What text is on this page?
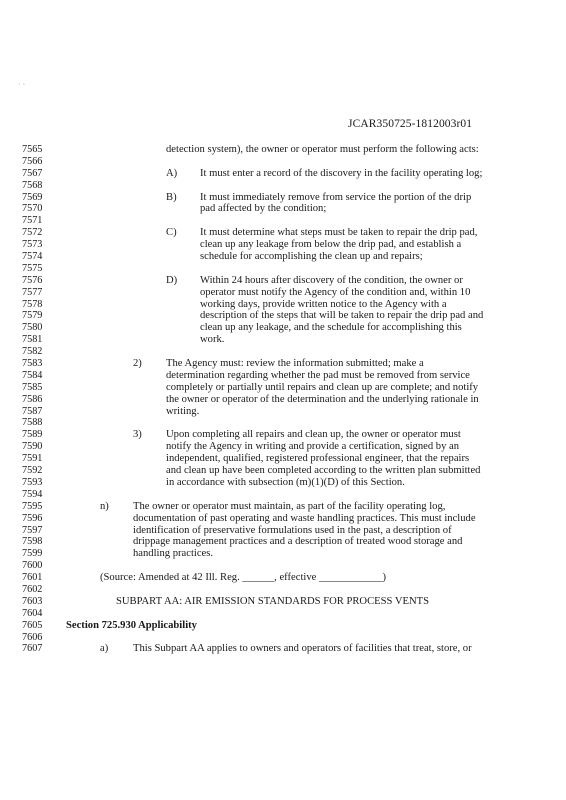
ˌ ˎ
JCAR350725-1812003r01
7565	detection system), the owner or operator must perform the following acts:
7566
7567	A) It must enter a record of the discovery in the facility operating log;
7568
7569	B) It must immediately remove from service the portion of the drip
7570	pad affected by the condition;
7571
7572	C) It must determine what steps must be taken to repair the drip pad,
7573	clean up any leakage from below the drip pad, and establish a
7574	schedule for accomplishing the clean up and repairs;
7575
7576	D) Within 24 hours after discovery of the condition, the owner or
7577	operator must notify the Agency of the condition and, within 10
7578	working days, provide written notice to the Agency with a
7579	description of the steps that will be taken to repair the drip pad and
7580	clean up any leakage, and the schedule for accomplishing this
7581	work.
7582
7583	2) The Agency must: review the information submitted; make a
7584	determination regarding whether the pad must be removed from service
7585	completely or partially until repairs and clean up are complete; and notify
7586	the owner or operator of the determination and the underlying rationale in
7587	writing.
7588
7589	3) Upon completing all repairs and clean up, the owner or operator must
7590	notify the Agency in writing and provide a certification, signed by an
7591	independent, qualified, registered professional engineer, that the repairs
7592	and clean up have been completed according to the written plan submitted
7593	in accordance with subsection (m)(1)(D) of this Section.
7594
7595	n) The owner or operator must maintain, as part of the facility operating log,
7596	documentation of past operating and waste handling practices. This must include
7597	identification of preservative formulations used in the past, a description of
7598	drippage management practices and a description of treated wood storage and
7599	handling practices.
7600
7601	(Source: Amended at 42 Ill. Reg. ______, effective ____________)
7602
7603	SUBPART AA: AIR EMISSION STANDARDS FOR PROCESS VENTS
7604
7605	Section 725.930 Applicability
7606
7607	a) This Subpart AA applies to owners and operators of facilities that treat, store, or
